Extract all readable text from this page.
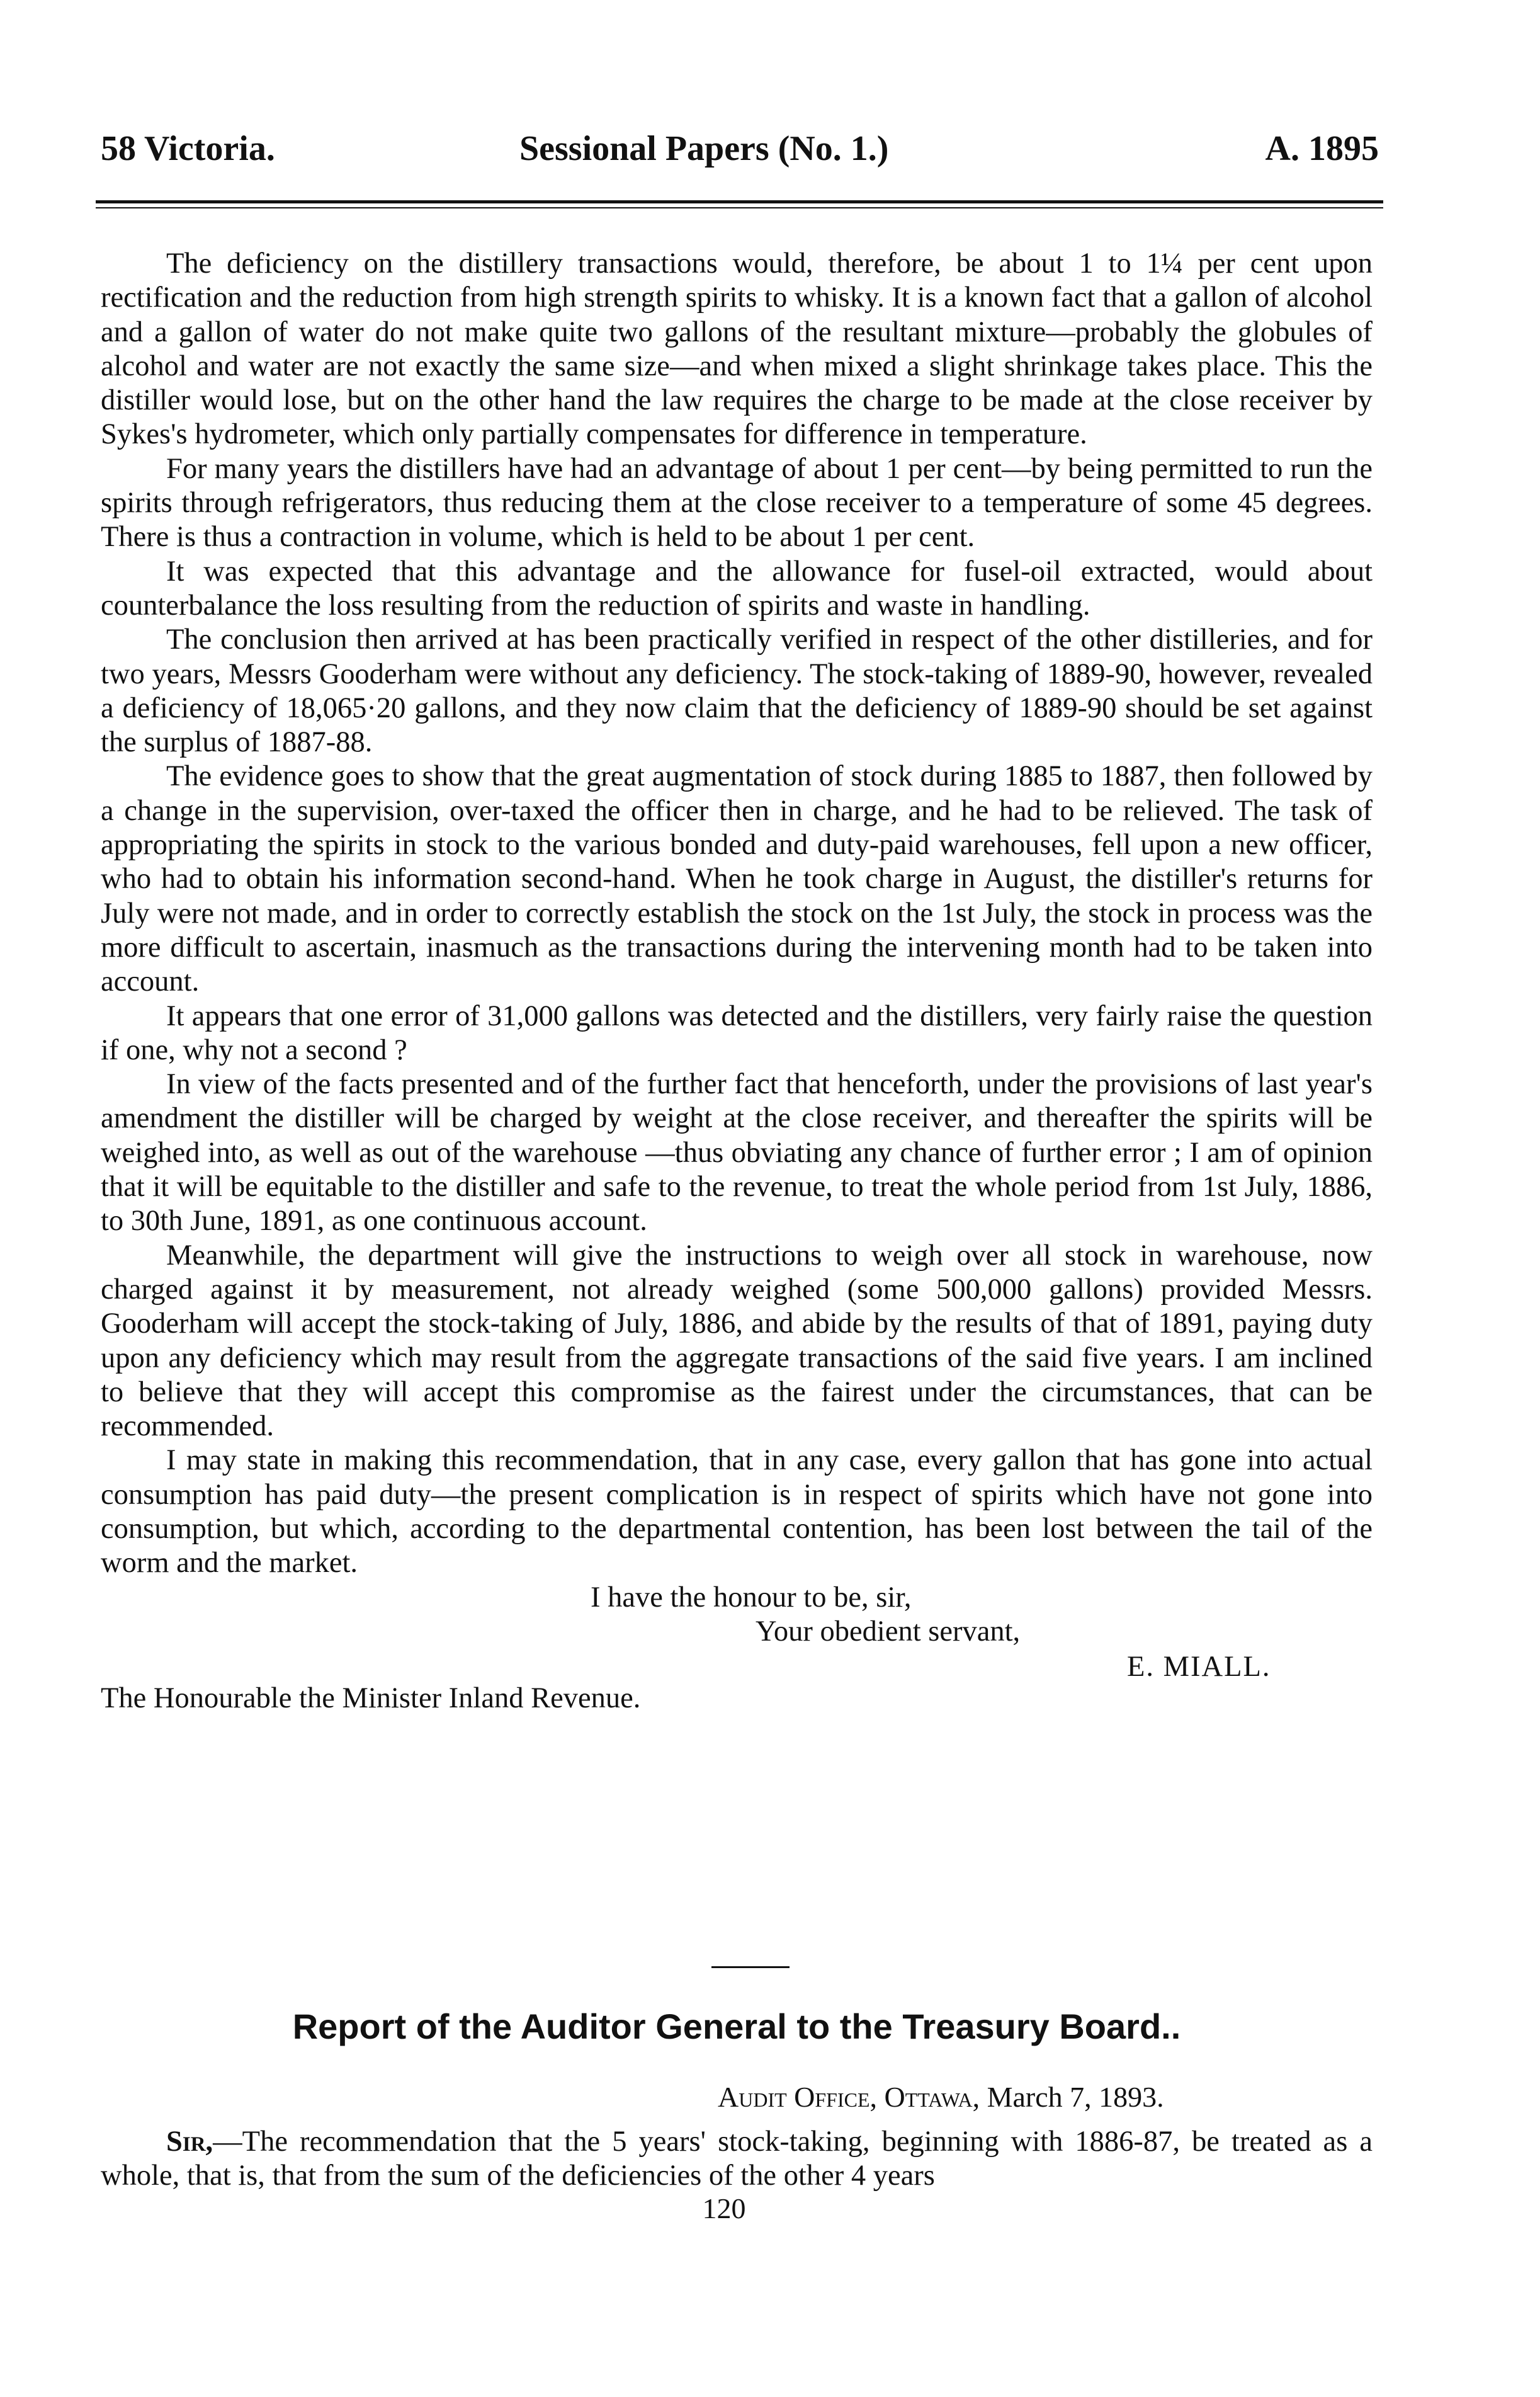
58 Victoria.	Sessional Papers (No. 1.)	A. 1895

The deficiency on the distillery transactions would, therefore, be about 1 to 1¼ per cent upon rectification and the reduction from high strength spirits to whisky. It is a known fact that a gallon of alcohol and a gallon of water do not make quite two gallons of the resultant mixture—probably the globules of alcohol and water are not exactly the same size—and when mixed a slight shrinkage takes place. This the distiller would lose, but on the other hand the law requires the charge to be made at the close receiver by Sykes's hydrometer, which only partially compensates for difference in temperature.

For many years the distillers have had an advantage of about 1 per cent—by being permitted to run the spirits through refrigerators, thus reducing them at the close receiver to a temperature of some 45 degrees. There is thus a contraction in volume, which is held to be about 1 per cent.

It was expected that this advantage and the allowance for fusel-oil extracted, would about counterbalance the loss resulting from the reduction of spirits and waste in handling.

The conclusion then arrived at has been practically verified in respect of the other distilleries, and for two years, Messrs Gooderham were without any deficiency. The stock-taking of 1889-90, however, revealed a deficiency of 18,065·20 gallons, and they now claim that the deficiency of 1889-90 should be set against the surplus of 1887-88.

The evidence goes to show that the great augmentation of stock during 1885 to 1887, then followed by a change in the supervision, over-taxed the officer then in charge, and he had to be relieved. The task of appropriating the spirits in stock to the various bonded and duty-paid warehouses, fell upon a new officer, who had to obtain his information second-hand. When he took charge in August, the distiller's returns for July were not made, and in order to correctly establish the stock on the 1st July, the stock in process was the more difficult to ascertain, inasmuch as the transactions during the intervening month had to be taken into account.

It appears that one error of 31,000 gallons was detected and the distillers, very fairly raise the question if one, why not a second ?

In view of the facts presented and of the further fact that henceforth, under the provisions of last year's amendment the distiller will be charged by weight at the close receiver, and thereafter the spirits will be weighed into, as well as out of the warehouse —thus obviating any chance of further error ; I am of opinion that it will be equitable to the distiller and safe to the revenue, to treat the whole period from 1st July, 1886, to 30th June, 1891, as one continuous account.

Meanwhile, the department will give the instructions to weigh over all stock in warehouse, now charged against it by measurement, not already weighed (some 500,000 gallons) provided Messrs. Gooderham will accept the stock-taking of July, 1886, and abide by the results of that of 1891, paying duty upon any deficiency which may result from the aggregate transactions of the said five years. I am inclined to believe that they will accept this compromise as the fairest under the circumstances, that can be recommended.

I may state in making this recommendation, that in any case, every gallon that has gone into actual consumption has paid duty—the present complication is in respect of spirits which have not gone into consumption, but which, according to the departmental contention, has been lost between the tail of the worm and the market.

I have the honour to be, sir,
Your obedient servant,
E. MIALL.
The Honourable the Minister Inland Revenue.
Report of the Auditor General to the Treasury Board..
Audit Office, Ottawa, March 7, 1893.

Sir,—The recommendation that the 5 years' stock-taking, beginning with 1886-87, be treated as a whole, that is, that from the sum of the deficiencies of the other 4 years

120
